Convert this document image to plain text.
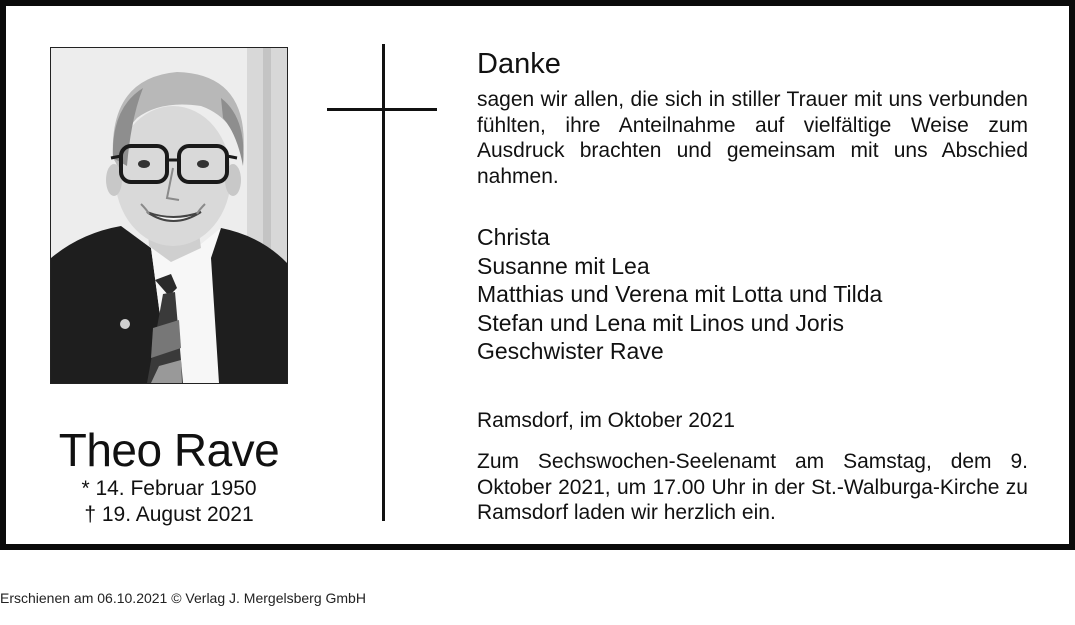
Theo Rave
* 14. Februar 1950
† 19. August 2021
Danke
sagen wir allen, die sich in stiller Trauer mit uns verbunden fühlten, ihre Anteilnahme auf vielfältige Weise zum Ausdruck brachten und gemeinsam mit uns Abschied nahmen.
Christa
Susanne mit Lea
Matthias und Verena mit Lotta und Tilda
Stefan und Lena mit Linos und Joris
Geschwister Rave
Ramsdorf, im Oktober 2021
Zum Sechswochen-Seelenamt am Samstag, dem 9. Oktober 2021, um 17.00 Uhr in der St.-Walburga-Kirche zu Ramsdorf laden wir herzlich ein.
Erschienen am 06.10.2021 © Verlag J. Mergelsberg GmbH
